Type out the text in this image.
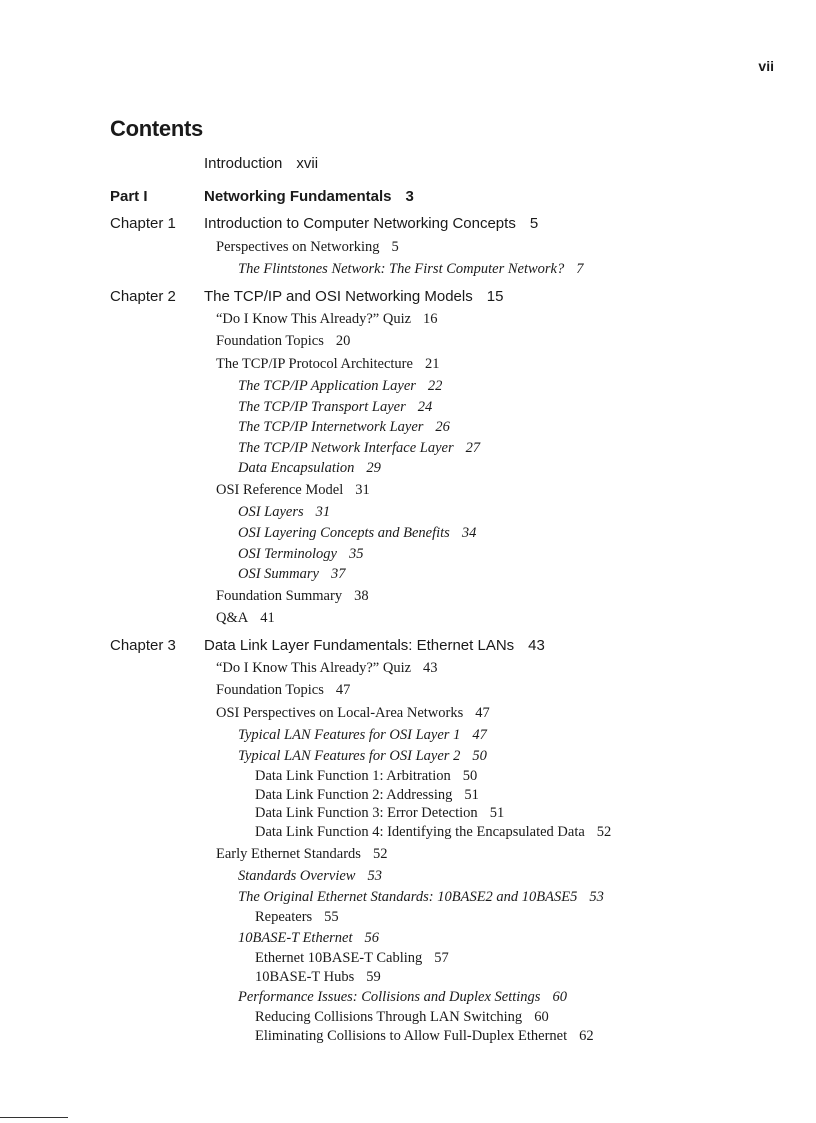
vii
Contents
Introduction xvii
Part I	Networking Fundamentals 3
Chapter 1 Introduction to Computer Networking Concepts 5
Perspectives on Networking 5
The Flintstones Network: The First Computer Network? 7
Chapter 2 The TCP/IP and OSI Networking Models 15
“Do I Know This Already?” Quiz 16
Foundation Topics 20
The TCP/IP Protocol Architecture 21
The TCP/IP Application Layer 22
The TCP/IP Transport Layer 24
The TCP/IP Internetwork Layer 26
The TCP/IP Network Interface Layer 27
Data Encapsulation 29
OSI Reference Model 31
OSI Layers 31
OSI Layering Concepts and Benefits 34
OSI Terminology 35
OSI Summary 37
Foundation Summary 38
Q&A 41
Chapter 3 Data Link Layer Fundamentals: Ethernet LANs 43
“Do I Know This Already?” Quiz 43
Foundation Topics 47
OSI Perspectives on Local-Area Networks 47
Typical LAN Features for OSI Layer 1 47
Typical LAN Features for OSI Layer 2 50
Data Link Function 1: Arbitration 50
Data Link Function 2: Addressing 51
Data Link Function 3: Error Detection 51
Data Link Function 4: Identifying the Encapsulated Data 52
Early Ethernet Standards 52
Standards Overview 53
The Original Ethernet Standards: 10BASE2 and 10BASE5 53
Repeaters 55
10BASE-T Ethernet 56
Ethernet 10BASE-T Cabling 57
10BASE-T Hubs 59
Performance Issues: Collisions and Duplex Settings 60
Reducing Collisions Through LAN Switching 60
Eliminating Collisions to Allow Full-Duplex Ethernet 62
